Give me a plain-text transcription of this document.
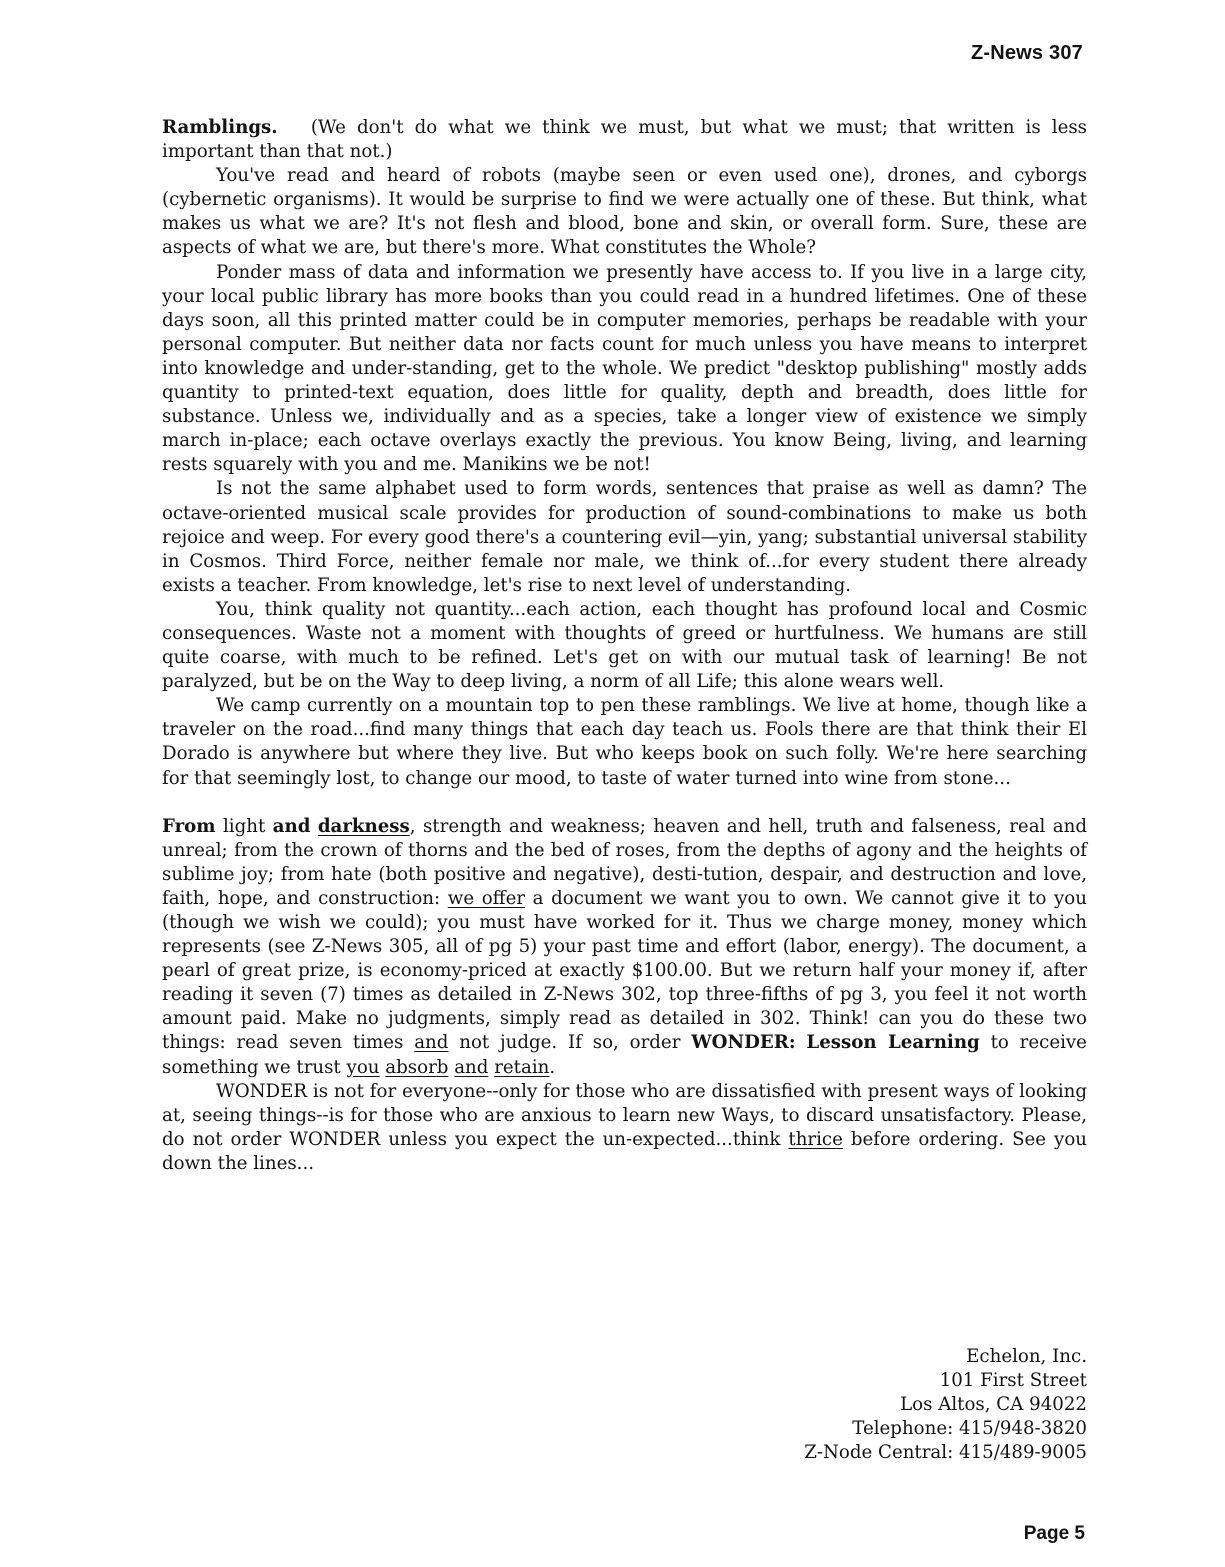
Z-News 307

Ramblings. (We don't do what we think we must, but what we must; that written is less important than that not.)

You've read and heard of robots (maybe seen or even used one), drones, and cyborgs (cybernetic organisms). It would be surprise to find we were actually one of these. But think, what makes us what we are? It's not flesh and blood, bone and skin, or overall form. Sure, these are aspects of what we are, but there's more. What constitutes the Whole?

Ponder mass of data and information we presently have access to. If you live in a large city, your local public library has more books than you could read in a hundred lifetimes. One of these days soon, all this printed matter could be in computer memories, perhaps be readable with your personal computer. But neither data nor facts count for much unless you have means to interpret into knowledge and under-standing, get to the whole. We predict "desktop publishing" mostly adds quantity to printed-text equation, does little for quality, depth and breadth, does little for substance. Unless we, individually and as a species, take a longer view of existence we simply march in-place; each octave overlays exactly the previous. You know Being, living, and learning rests squarely with you and me. Manikins we be not!

Is not the same alphabet used to form words, sentences that praise as well as damn? The octave-oriented musical scale provides for production of sound-combinations to make us both rejoice and weep. For every good there's a countering evil—yin, yang; substantial universal stability in Cosmos. Third Force, neither female nor male, we think of...for every student there already exists a teacher. From knowledge, let's rise to next level of understanding.

You, think quality not quantity...each action, each thought has profound local and Cosmic consequences. Waste not a moment with thoughts of greed or hurtfulness. We humans are still quite coarse, with much to be refined. Let's get on with our mutual task of learning! Be not paralyzed, but be on the Way to deep living, a norm of all Life; this alone wears well.

We camp currently on a mountain top to pen these ramblings. We live at home, though like a traveler on the road...find many things that each day teach us. Fools there are that think their El Dorado is anywhere but where they live. But who keeps book on such folly. We're here searching for that seemingly lost, to change our mood, to taste of water turned into wine from stone...

From light and darkness, strength and weakness; heaven and hell, truth and falseness, real and unreal; from the crown of thorns and the bed of roses, from the depths of agony and the heights of sublime joy; from hate (both positive and negative), desti-tution, despair, and destruction and love, faith, hope, and construction: we offer a document we want you to own. We cannot give it to you (though we wish we could); you must have worked for it. Thus we charge money, money which represents (see Z-News 305, all of pg 5) your past time and effort (labor, energy). The document, a pearl of great prize, is economy-priced at exactly $100.00. But we return half your money if, after reading it seven (7) times as detailed in Z-News 302, top three-fifths of pg 3, you feel it not worth amount paid. Make no judgments, simply read as detailed in 302. Think! can you do these two things: read seven times and not judge. If so, order WONDER: Lesson Learning to receive something we trust you absorb and retain.

WONDER is not for everyone--only for those who are dissatisfied with present ways of looking at, seeing things--is for those who are anxious to learn new Ways, to discard unsatisfactory. Please, do not order WONDER unless you expect the un-expected...think thrice before ordering. See you down the lines...

Echelon, Inc.
101 First Street
Los Altos, CA 94022
Telephone: 415/948-3820
Z-Node Central: 415/489-9005
Page 5
